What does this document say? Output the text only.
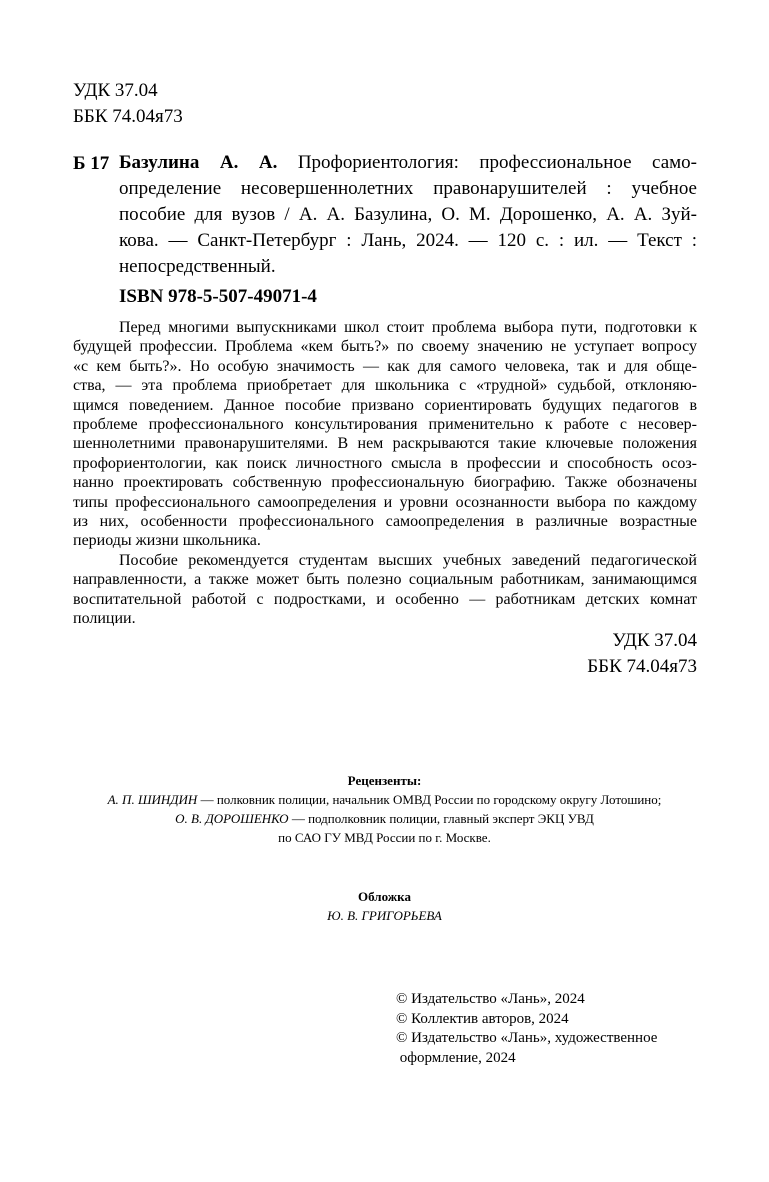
УДК 37.04
ББК 74.04я73
Б 17 Базулина А. А. Профориентология: профессиональное само-
определение несовершеннолетних правонарушителей : учебное
пособие для вузов / А. А. Базулина, О. М. Дорошенко, А. А. Зуй-
кова. — Санкт-Петербург : Лань, 2024. — 120 с. : ил. — Текст :
непосредственный.
ISBN 978-5-507-49071-4
Перед многими выпускниками школ стоит проблема выбора пути, подготовки к
будущей профессии. Проблема «кем быть?» по своему значению не уступает вопросу
«с кем быть?». Но особую значимость — как для самого человека, так и для обще-
ства, — эта проблема приобретает для школьника с «трудной» судьбой, отклоняю-
щимся поведением. Данное пособие призвано сориентировать будущих педагогов в
проблеме профессионального консультирования применительно к работе с несовер-
шеннолетними правонарушителями. В нем раскрываются такие ключевые положения
профориентологии, как поиск личностного смысла в профессии и способность осоз-
нанно проектировать собственную профессиональную биографию. Также обозначены
типы профессионального самоопределения и уровни осознанности выбора по каждому
из них, особенности профессионального самоопределения в различные возрастные
периоды жизни школьника.
Пособие рекомендуется студентам высших учебных заведений педагогической
направленности, а также может быть полезно социальным работникам, занимающимся
воспитательной работой с подростками, и особенно — работникам детских комнат
полиции.
УДК 37.04
ББК 74.04я73
Рецензенты:
А. П. ШИНДИН — полковник полиции, начальник ОМВД России по городскому округу Лотошино;
О. В. ДОРОШЕНКО — подполковник полиции, главный эксперт ЭКЦ УВД
по САО ГУ МВД России по г. Москве.
Обложка
Ю. В. ГРИГОРЬЕВА
© Издательство «Лань», 2024
© Коллектив авторов, 2024
© Издательство «Лань», художественное
оформление, 2024
